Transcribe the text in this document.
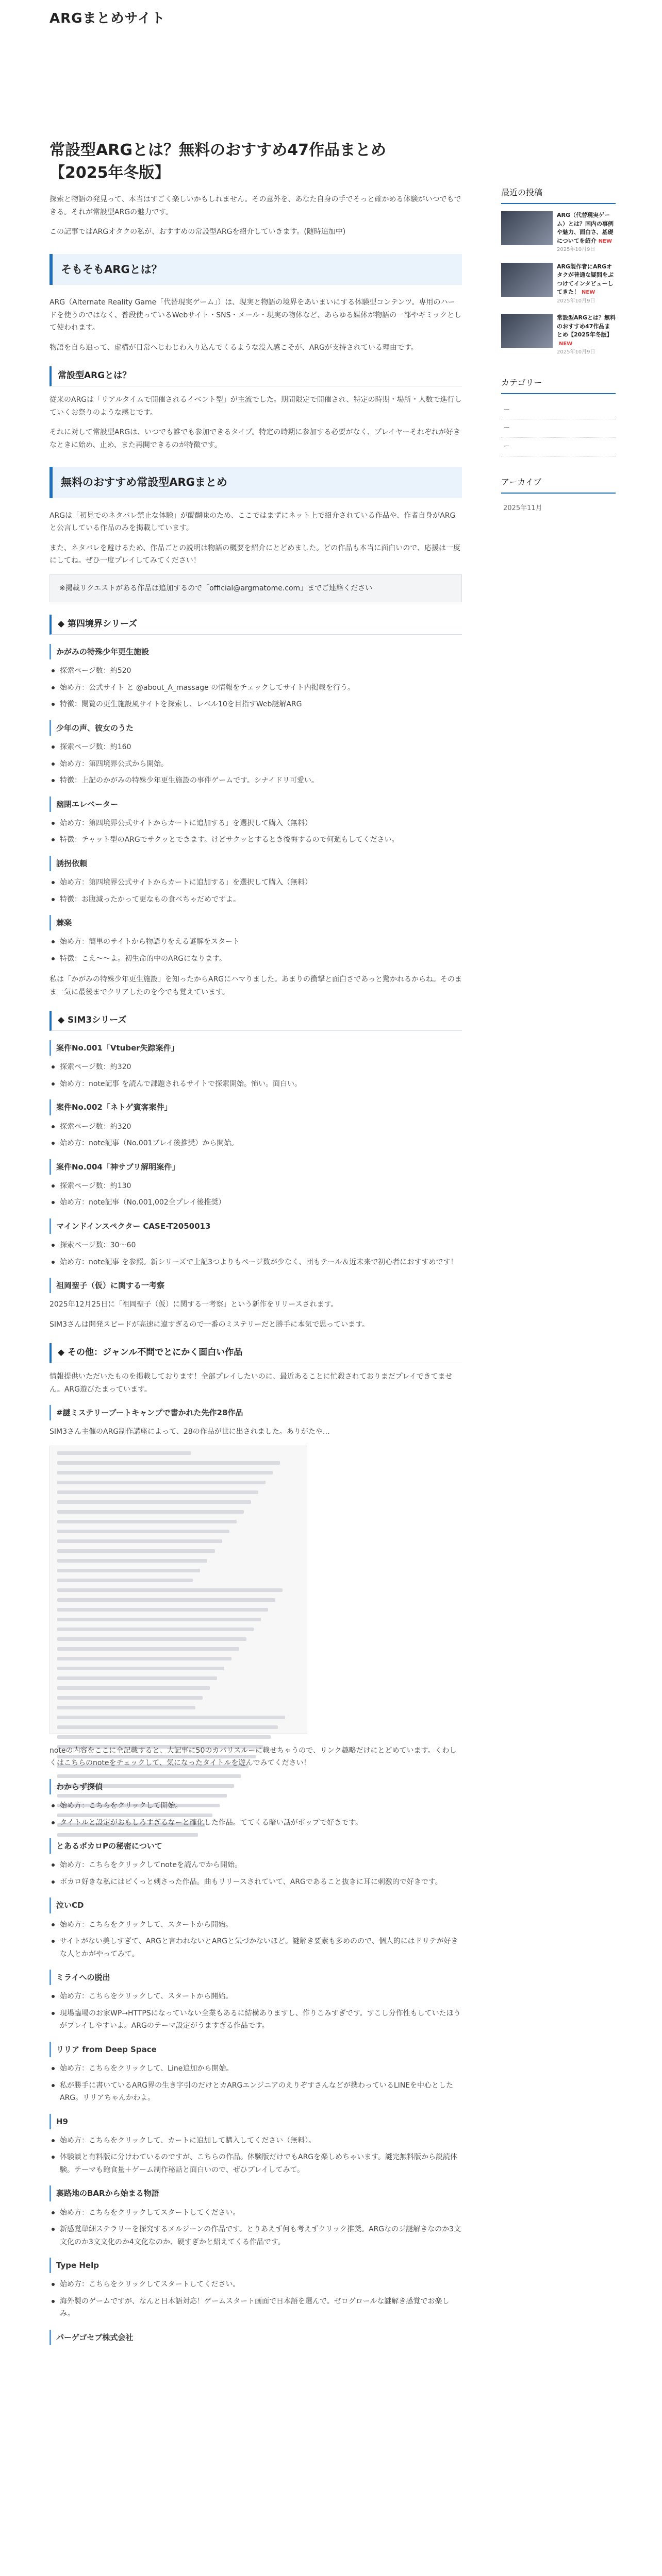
ARGまとめサイト
常設型ARGとは？無料のおすすめ47作品まとめ
【2025年冬版】

探索と物語の発見って、本当はすごく楽しいかもしれません。その意外を、あなた自身の手でそっと確かめる体験がいつでもできる。それが常設型ARGの魅力です。

この記事ではARGオタクの私が、おすすめの常設型ARGを紹介していきます。(随時追加中)

そもそもARGとは？

ARG（Alternate Reality Game「代替現実ゲーム」）は、現実と物語の境界をあいまいにする体験型コンテンツ。専用のハードを使うのではなく、普段使っているWebサイト・SNS・メール・現実の物体など、あらゆる媒体が物語の一部やギミックとして使われます。

物語を自ら追って、虚構が日常へじわじわ入り込んでくるような没入感こそが、ARGが支持されている理由です。

常設型ARGとは？

従来のARGは「リアルタイムで開催されるイベント型」が主流でした。期間限定で開催され、特定の時期・場所・人数で進行していくお祭りのような感じです。

それに対して常設型ARGは、いつでも誰でも参加できるタイプ。特定の時期に参加する必要がなく、プレイヤーそれぞれが好きなときに始め、止め、また再開できるのが特徴です。

無料のおすすめ常設型ARGまとめ

ARGは「初見でのネタバレ禁止な体験」が醍醐味のため、ここではまずにネット上で紹介されている作品や、作者自身がARGと公言している作品のみを掲載しています。

また、ネタバレを避けるため、作品ごとの説明は物語の概要を紹介にとどめました。どの作品も本当に面白いので、応援は一度にしてね。ぜひ一度プレイしてみてください！

※掲載リクエストがある作品は追加するので「official@argmatome.com」までご連絡ください
◆ 第四境界シリーズ
かがみの特殊少年更生施設
探索ページ数：約520
始め方：公式サイト と @about_A_massage の情報をチェックしてサイト内掲載を行う。
特徴：閲覧の更生施設風サイトを探索し、レベル10を目指すWeb謎解ARG
少年の声、彼女のうた
探索ページ数：約160
始め方：第四境界公式から開始。
特徴：上記のかがみの特殊少年更生施設の事件ゲームです。シナイドリ可愛い。
幽閉エレベーター
始め方：第四境界公式サイトからカートに追加する」を選択して購入（無料）
特徴：チャット型のARGでサクッとできます。けどサクッとするとき後悔するので何週もしてください。
誘拐依頼
始め方：第四境界公式サイトからカートに追加する」を選択して購入（無料）
特徴：お腹減ったかって更なもの食べちゃだめですよ。
棘楽
始め方：簡単のサイトから物語りをえる謎解をスタート
特徴：こえ～～よ。初生命的中のARGになります。

私は「かがみの特殊少年更生施設」を知ったからARGにハマりました。あまりの衝撃と面白さであっと驚かれるからね。そのまま一気に最後までクリアしたのを今でも覚えています。

◆ SIM3シリーズ
案件No.001「Vtuber失踪案件」
探索ページ数：約320
始め方：note記事 を読んで課題されるサイトで探索開始。怖い。面白い。
案件No.002「ネトゲ賓客案件」
探索ページ数：約320
始め方：note記事（No.001ブレイ後推奨）から開始。
案件No.004「神サブリ解明案件」
探索ページ数：約130
始め方：note記事（No.001,002全プレイ後推奨）
マインドインスペクター CASE-T2050013
探索ページ数：30～60
始め方：note記事 を参照。新シリーズで上記3つよりもページ数が少なく、団もテール＆近未来で初心者におすすめです！
祖岡聖子（仮）に関する一考察

2025年12月25日に「祖岡聖子（仮）に関する一考察」という新作をリリースされます。

SIM3さんは開発スピードが高速に違すぎるので一番のミステリーだと勝手に本気で思っています。

◆ その他：ジャンル不問でとにかく面白い作品

情報提供いただいたものを掲載しております！全部プレイしたいのに、最近あることに忙殺されておりまだプレイできてません。ARG遊びたまっています。

#謎ミステリーブートキャンプで書かれた先作28作品

SIM3さん主催のARG制作講座によって、28の作品が世に出されました。ありがたや…

noteの内容をここに全記載すると、大記事に50のカバリスルーに載せちゃうので、リンク趣略だけにとどめています。くわしくはこちらのnoteをチェックして、気になったタイトルを遊んでみてください！

わからず探偵
始め方：こちらをクリックして開始。
タイトルと設定がおもしろすぎるなーと確化した作品。ててくる暗い話がポップで好きです。
とあるボカロPの秘密について
始め方：こちらをクリックしてnoteを読んでから開始。
ボカロ好きな私にはピくっと刺さった作品。曲もリリースされていて、ARGであること抜きに耳に刺激的で好きです。
泣いCD
始め方：こちらをクリックして、スタートから開始。
サイトがない美しすぎて、ARGと言われないとARGと気づかないほど。謎解き要素も多めのので、個人的にはドリテが好きな人とかがやってみて。
ミライへの脱出
始め方：こちらをクリックして、スタートから開始。
現場臨場のお家WP→HTTPSになっていない全業もあるに結構ありますし、作りこみすぎです。すこし分作性もしていたほうがプレイしやすいよ。ARGのテーマ設定がうますぎる作品です。
リリア from Deep Space
始め方：こちらをクリックして、Line追加から開始。
私が勝手に書いているARG界の生き字引のだけとカARGエンジニアのえりぞすさんなどが携わっているLINEを中心としたARG。リリアちゃんかわよ。
H9
始め方：こちらをクリックして、カートに追加して購入してください（無料）。
体験談と有料版に分けわているのですが、こちらの作品。体験版だけでもARGを楽しめちゃいます。謎完無料版から説読体験。テーマも飽食量＋ゲーム制作秘話と面白いので、ぜひプレイしてみて。
裏路地のBARから始まる物語
始め方：こちらをクリックしてスタートしてください。
新感覚単細ステラリーを探究するメルジーンの作品です。とりあえず何も考えずクリック推奨。ARGなのジ謎解きなのか3文文化のか3文文化のか4文化なのか、硬すぎかと紹えてくる作品です。
Type Help
始め方：こちらをクリックしてスタートしてください。
海外製のゲームですが、なんと日本語対応！ゲームスタート画面で日本語を選んで。ゼログロールな謎解き感覚でお楽しみ。
パーゲゴセブ株式会社
最近の投稿
ARG（代替現実ゲーム）とは？国内の事例や魅力、面白さ、基礎についてを紹介 NEW
2025年10月9日
ARG製作者にARGオタクが普通な疑問をぶつけてインタビューしてきた！ NEW
2025年10月9日
常設型ARGとは？無料のおすすめ47作品まとめ【2025年冬版】NEW
2025年10月9日
カテゴリー
ー
ー
ー
アーカイブ
2025年11月
